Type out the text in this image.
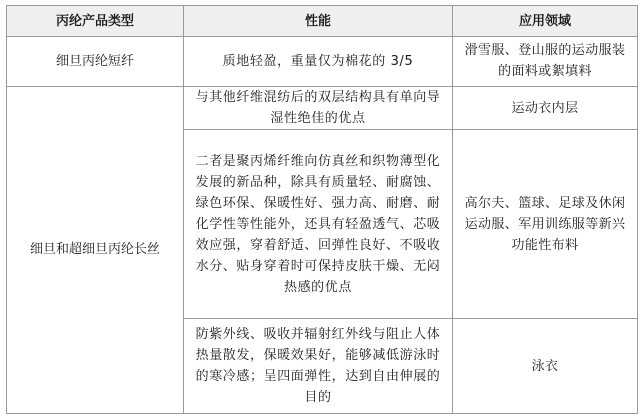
丙纶产品类型	性能	应用领域
细旦丙纶短纤	质地轻盈，重量仅为棉花的 3/5	滑雪服、登山服的运动服装的面料或絮填料
细旦和超细旦丙纶长丝	与其他纤维混纺后的双层结构具有单向导湿性绝佳的优点	运动衣内层
	二者是聚丙烯纤维向仿真丝和织物薄型化发展的新品种，除具有质量轻、耐腐蚀、绿色环保、保暖性好、强力高、耐磨、耐化学性等性能外，还具有轻盈透气、芯吸效应强，穿着舒适、回弹性良好、不吸收水分、贴身穿着时可保持皮肤干燥、无闷热感的优点	高尔夫、篮球、足球及休闲运动服、军用训练服等新兴功能性布料
	防紫外线、吸收并辐射红外线与阻止人体热量散发，保暖效果好，能够减低游泳时的寒冷感；呈四面弹性，达到自由伸展的目的	泳衣
